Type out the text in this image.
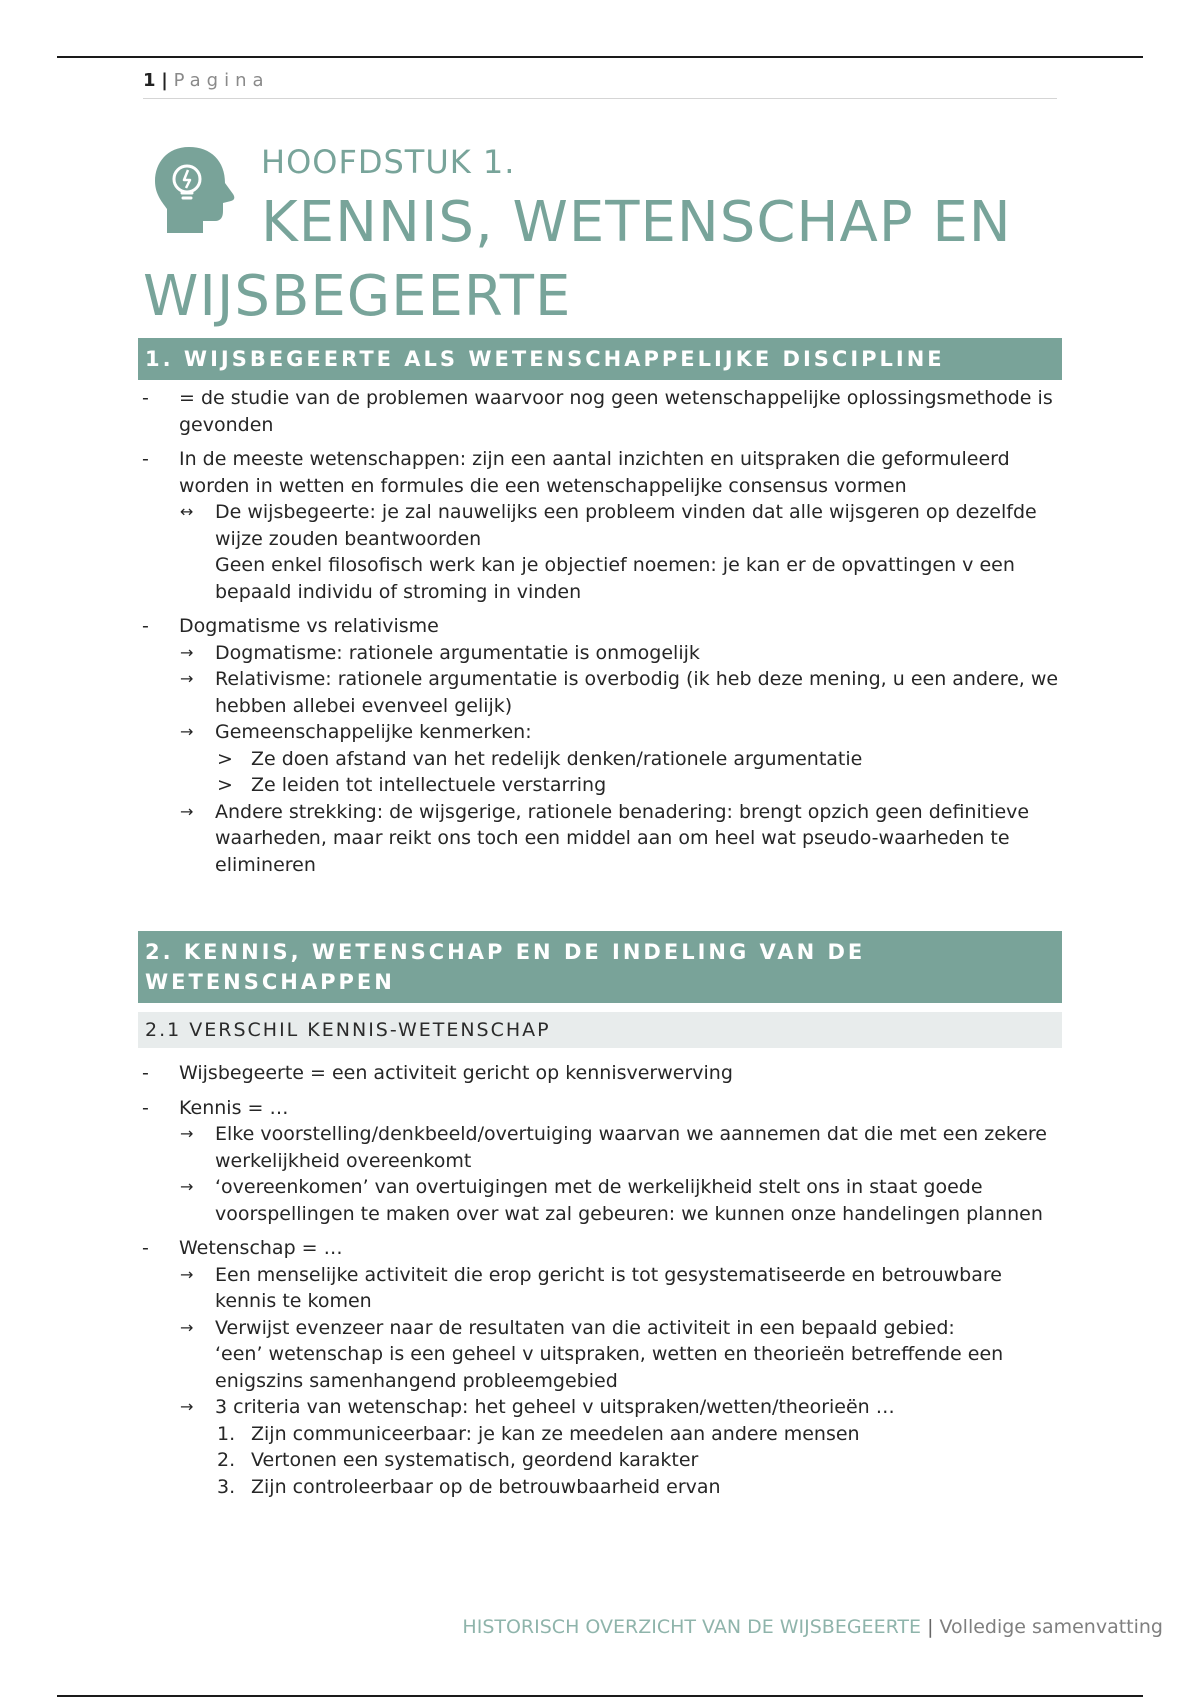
1 | Pagina
HOOFDSTUK 1.
KENNIS, WETENSCHAP EN WIJSBEGEERTE
1. WIJSBEGEERTE ALS WETENSCHAPPELIJKE DISCIPLINE
- = de studie van de problemen waarvoor nog geen wetenschappelijke oplossingsmethode is gevonden
- In de meeste wetenschappen: zijn een aantal inzichten en uitspraken die geformuleerd worden in wetten en formules die een wetenschappelijke consensus vormen
↔ De wijsbegeerte: je zal nauwelijks een probleem vinden dat alle wijsgeren op dezelfde wijze zouden beantwoorden
Geen enkel filosofisch werk kan je objectief noemen: je kan er de opvattingen v een bepaald individu of stroming in vinden
- Dogmatisme vs relativisme
→ Dogmatisme: rationele argumentatie is onmogelijk
→ Relativisme: rationele argumentatie is overbodig (ik heb deze mening, u een andere, we hebben allebei evenveel gelijk)
→ Gemeenschappelijke kenmerken:
> Ze doen afstand van het redelijk denken/rationele argumentatie
> Ze leiden tot intellectuele verstarring
→ Andere strekking: de wijsgerige, rationele benadering: brengt opzich geen definitieve waarheden, maar reikt ons toch een middel aan om heel wat pseudo-waarheden te elimineren
2. KENNIS, WETENSCHAP EN DE INDELING VAN DE WETENSCHAPPEN
2.1 VERSCHIL KENNIS-WETENSCHAP
- Wijsbegeerte = een activiteit gericht op kennisverwerving
- Kennis = …
→ Elke voorstelling/denkbeeld/overtuiging waarvan we aannemen dat die met een zekere werkelijkheid overeenkomt
→ ‘overeenkomen’ van overtuigingen met de werkelijkheid stelt ons in staat goede voorspellingen te maken over wat zal gebeuren: we kunnen onze handelingen plannen
- Wetenschap = …
→ Een menselijke activiteit die erop gericht is tot gesystematiseerde en betrouwbare kennis te komen
→ Verwijst evenzeer naar de resultaten van die activiteit in een bepaald gebied:
‘een’ wetenschap is een geheel v uitspraken, wetten en theorieën betreffende een enigszins samenhangend probleemgebied
→ 3 criteria van wetenschap: het geheel v uitspraken/wetten/theorieën …
1. Zijn communiceerbaar: je kan ze meedelen aan andere mensen
2. Vertonen een systematisch, geordend karakter
3. Zijn controleerbaar op de betrouwbaarheid ervan
HISTORISCH OVERZICHT VAN DE WIJSBEGEERTE | Volledige samenvatting
